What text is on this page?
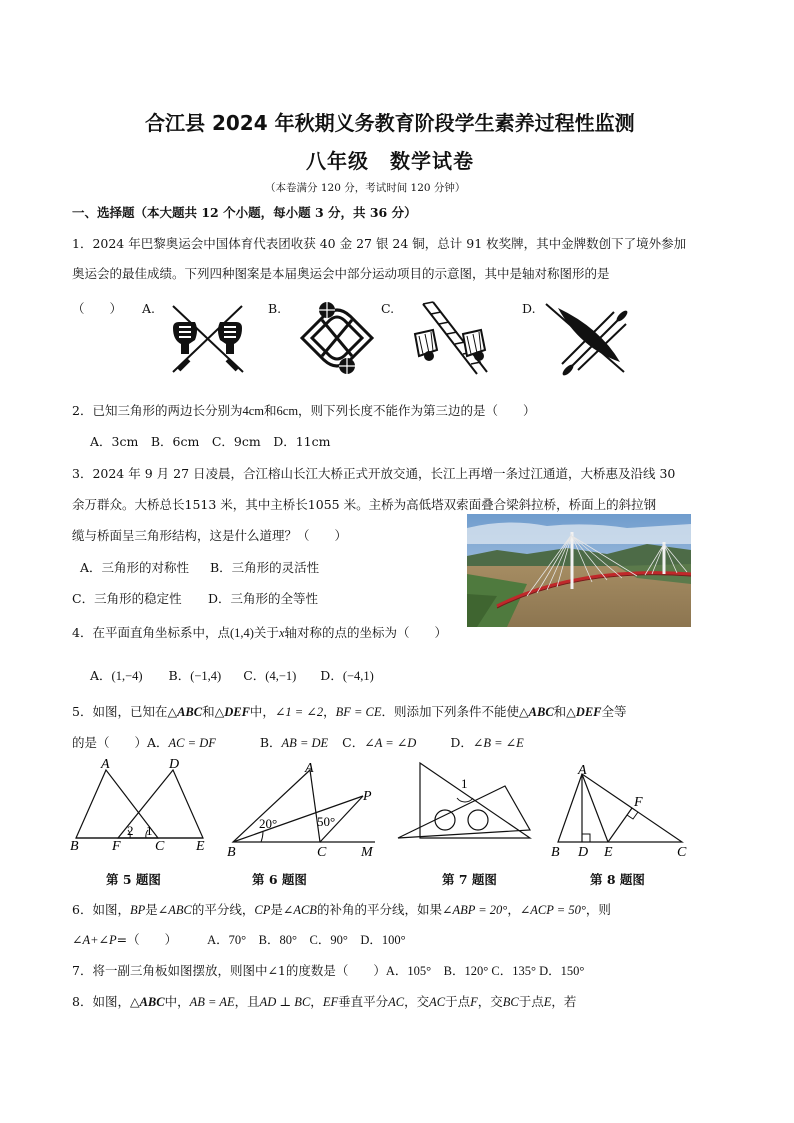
合江县 2024 年秋期义务教育阶段学生素养过程性监测
八年级　数学试卷
（本卷满分 120 分，考试时间 120 分钟）
一、选择题（本大题共 12 个小题，每小题 3 分，共 36 分）
1．2024 年巴黎奥运会中国体育代表团收获 40 金 27 银 24 铜，总计 91 枚奖牌，其中金牌数创下了境外参加
奥运会的最佳成绩。下列四种图案是本届奥运会中部分运动项目的示意图，其中是轴对称图形的是
（　　） A.	B.	C.	D.
2．已知三角形的两边长分别为4cm和6cm，则下列长度不能作为第三边的是（　　）
A．3cm　B．6cm　C．9cm　D．11cm
3．2024 年 9 月 27 日凌晨，合江榕山长江大桥正式开放交通，长江上再增一条过江通道，大桥惠及沿线 30
余万群众。大桥总长1513 米，其中主桥长1055 米。主桥为高低塔双索面叠合梁斜拉桥，桥面上的斜拉钢
缆与桥面呈三角形结构，这是什么道理？（　　）
A．三角形的对称性 B．三角形的灵活性
C．三角形的稳定性 D．三角形的全等性
4．在平面直角坐标系中，点(1,4)关于x轴对称的点的坐标为（　　）
A．(1,−4) B．(−1,4) C．(4,−1) D．(−4,1)
5．如图，已知在△ABC和△DEF中，∠1 = ∠2，BF = CE．则添加下列条件不能使△ABC和△DEF全等
的是（　　）A．AC = DF	B．AB = DE C．∠A = ∠D	D．∠B = ∠E
A	D
B F C E
2 1
第 5 题图
20°	50°
A
P
B	C M
第 6 题图
1
第 7 题图
A
F
B D E	C
第 8 题图
6．如图，BP是∠ABC的平分线，CP是∠ACB的补角的平分线，如果∠ABP = 20°，∠ACP = 50°，则
∠A+∠P=（　　） A．70°　B．80°　C．90°　D．100°
7．将一副三角板如图摆放，则图中∠1的度数是（　　）A．105°　B．120° C．135° D．150°
8．如图，△ABC中，AB = AE，且AD ⊥ BC，EF垂直平分AC，交AC于点F，交BC于点E，若
